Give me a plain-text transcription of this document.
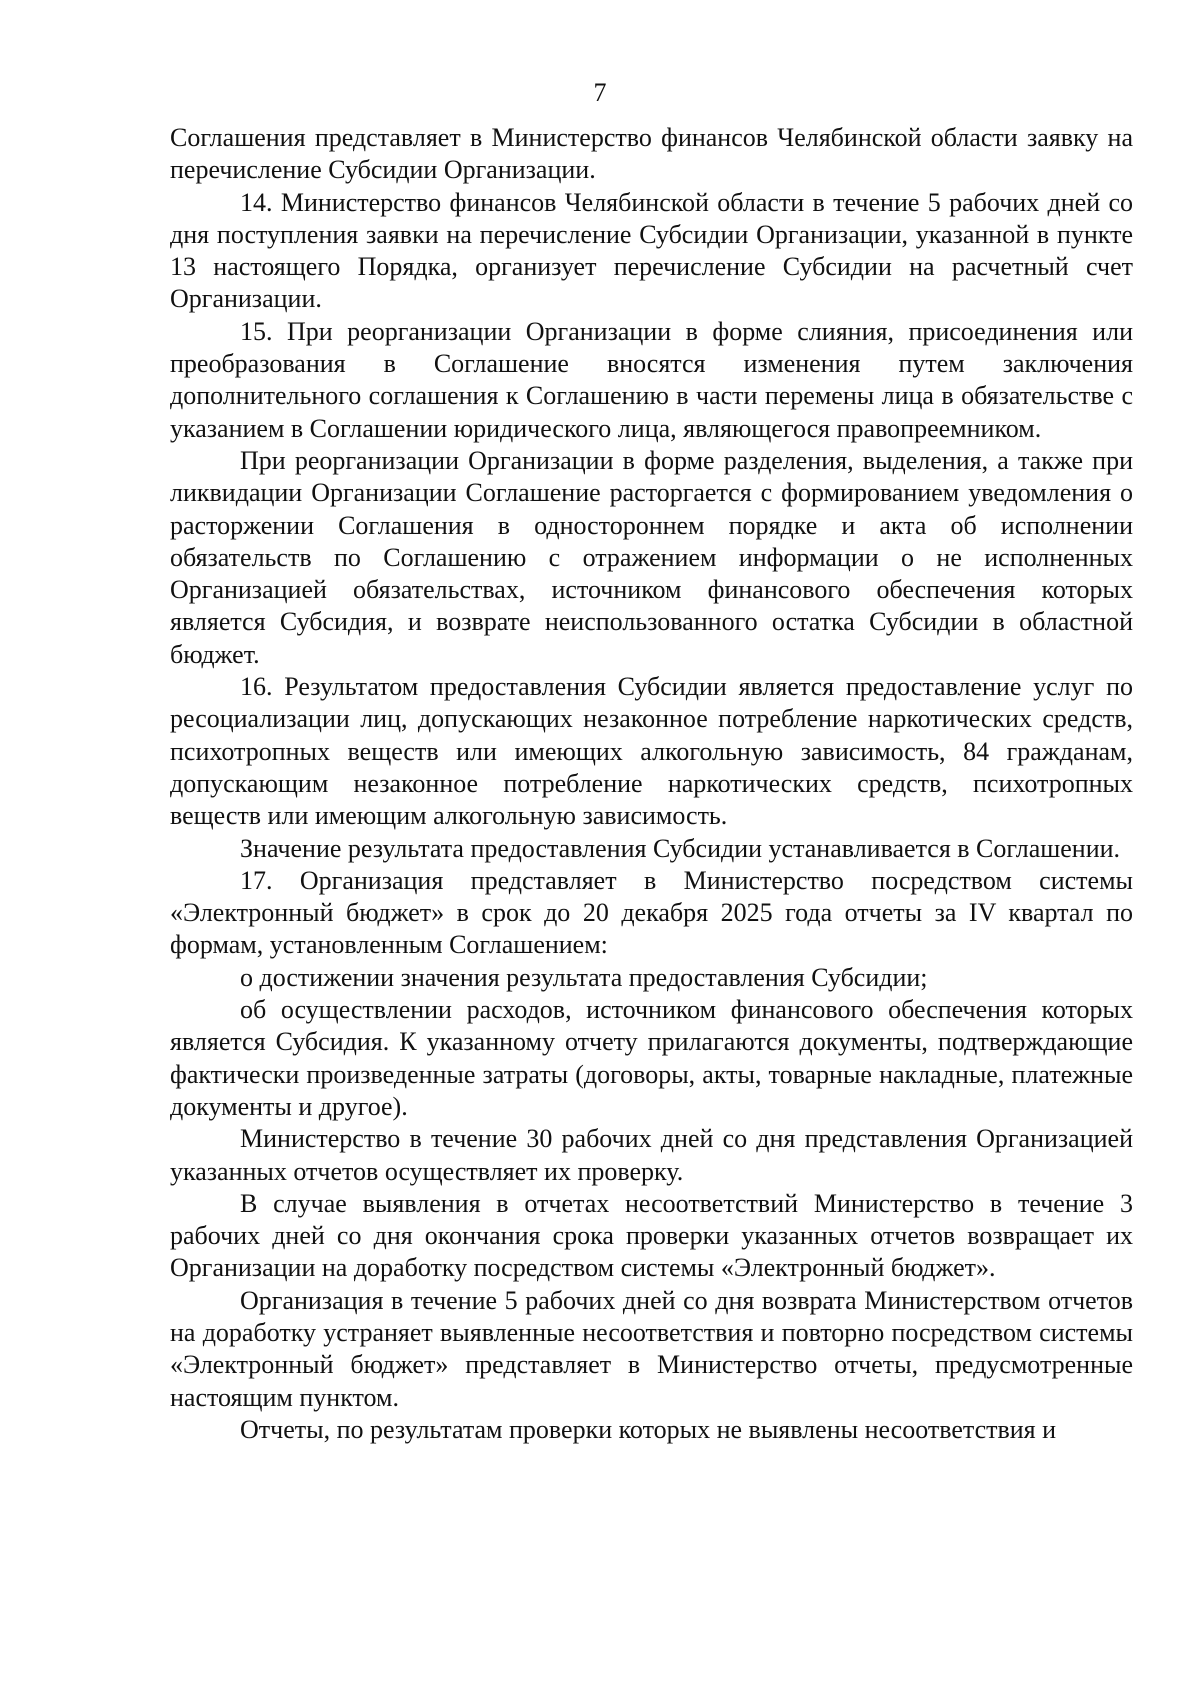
7

Соглашения представляет в Министерство финансов Челябинской области заявку на перечисление Субсидии Организации.

14. Министерство финансов Челябинской области в течение 5 рабочих дней со дня поступления заявки на перечисление Субсидии Организации, указанной в пункте 13 настоящего Порядка, организует перечисление Субсидии на расчетный счет Организации.

15. При реорганизации Организации в форме слияния, присоединения или преобразования в Соглашение вносятся изменения путем заключения дополнительного соглашения к Соглашению в части перемены лица в обязательстве с указанием в Соглашении юридического лица, являющегося правопреемником.

При реорганизации Организации в форме разделения, выделения, а также при ликвидации Организации Соглашение расторгается с формированием уведомления о расторжении Соглашения в одностороннем порядке и акта об исполнении обязательств по Соглашению с отражением информации о не исполненных Организацией обязательствах, источником финансового обеспечения которых является Субсидия, и возврате неиспользованного остатка Субсидии в областной бюджет.

16. Результатом предоставления Субсидии является предоставление услуг по ресоциализации лиц, допускающих незаконное потребление наркотических средств, психотропных веществ или имеющих алкогольную зависимость, 84 гражданам, допускающим незаконное потребление наркотических средств, психотропных веществ или имеющим алкогольную зависимость.

Значение результата предоставления Субсидии устанавливается в Соглашении.

17. Организация представляет в Министерство посредством системы «Электронный бюджет» в срок до 20 декабря 2025 года отчеты за IV квартал по формам, установленным Соглашением:

о достижении значения результата предоставления Субсидии;

об осуществлении расходов, источником финансового обеспечения которых является Субсидия. К указанному отчету прилагаются документы, подтверждающие фактически произведенные затраты (договоры, акты, товарные накладные, платежные документы и другое).

Министерство в течение 30 рабочих дней со дня представления Организацией указанных отчетов осуществляет их проверку.

В случае выявления в отчетах несоответствий Министерство в течение 3 рабочих дней со дня окончания срока проверки указанных отчетов возвращает их Организации на доработку посредством системы «Электронный бюджет».

Организация в течение 5 рабочих дней со дня возврата Министерством отчетов на доработку устраняет выявленные несоответствия и повторно посредством системы «Электронный бюджет» представляет в Министерство отчеты, предусмотренные настоящим пунктом.

Отчеты, по результатам проверки которых не выявлены несоответствия и
